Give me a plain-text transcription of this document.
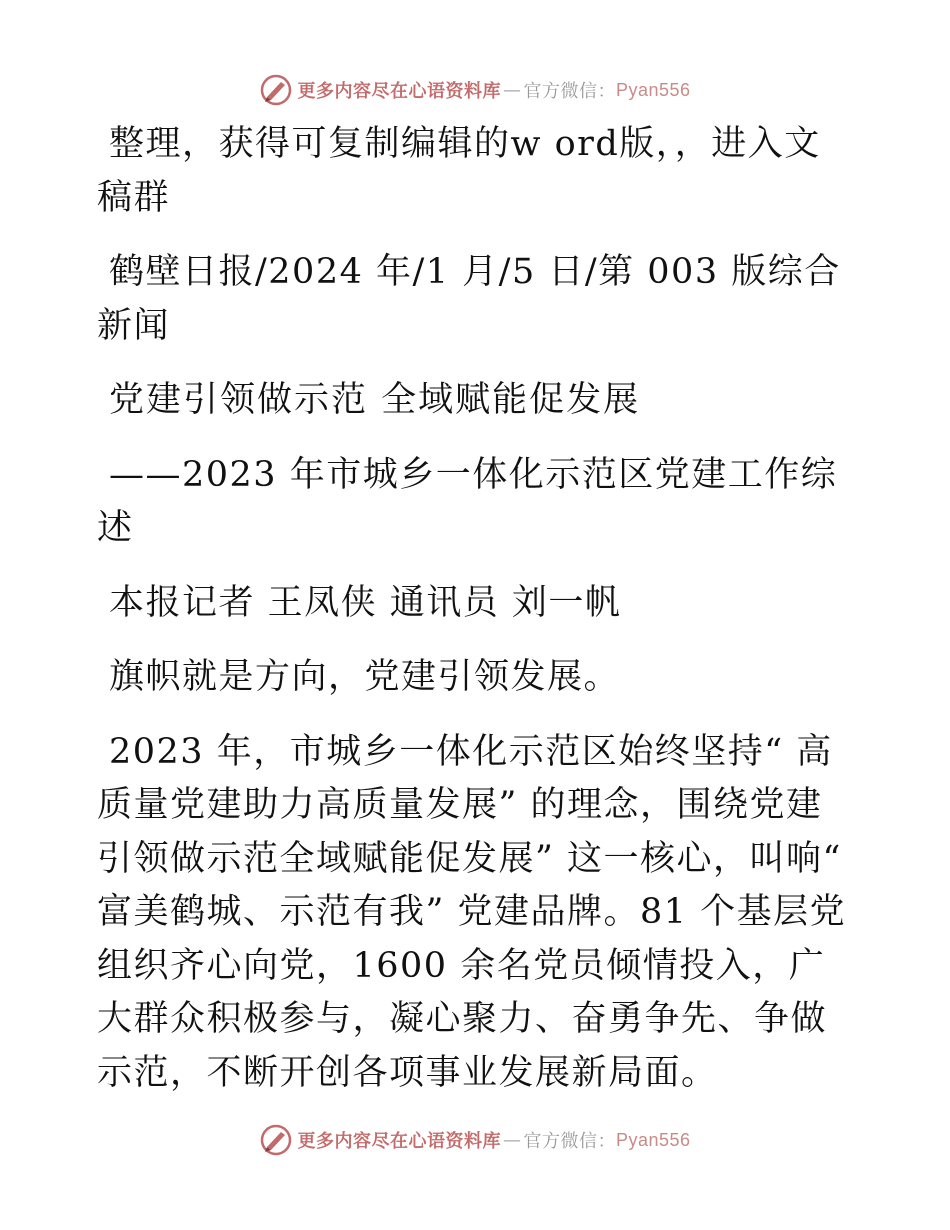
更多内容尽在心语资料库 — 官方微信： Pyan556

整理，获得可复制编辑的w ord版，，进入文稿群

鹤壁日报/2024 年/1 月/5 日/第 003 版综合新闻

党建引领做示范 全域赋能促发展

——2023 年市城乡一体化示范区党建工作综述

本报记者 王凤侠 通讯员 刘一帆

旗帜就是方向，党建引领发展。

2023 年，市城乡一体化示范区始终坚持“ 高质量党建助力高质量发展” 的理念，围绕党建引领做示范全域赋能促发展” 这一核心，叫响“ 富美鹤城、示范有我” 党建品牌。81 个基层党组织齐心向党，1600 余名党员倾情投入，广大群众积极参与，凝心聚力、奋勇争先、争做示范，不断开创各项事业发展新局面。

更多内容尽在心语资料库 — 官方微信： Pyan556
